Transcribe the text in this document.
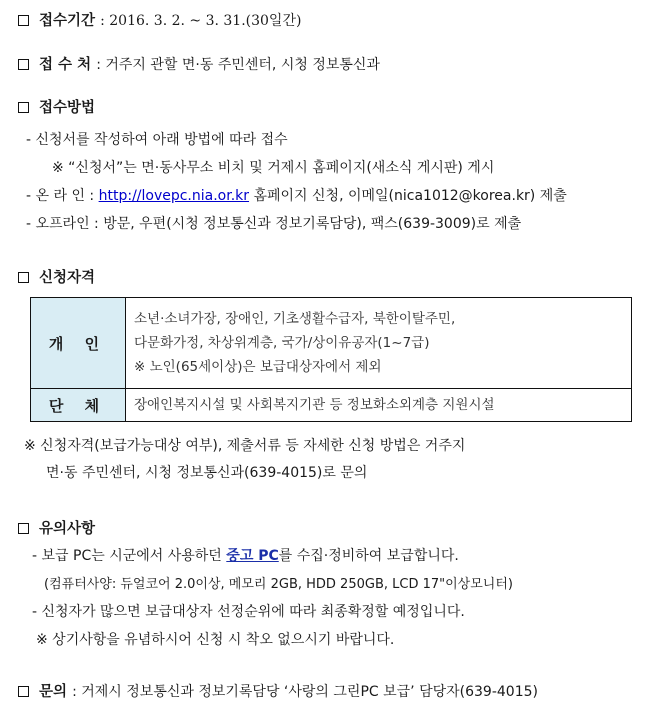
접수기간 : 2016. 3. 2. ~ 3. 31.(30일간)
접 수 처 : 거주지 관할 면·동 주민센터, 시청 정보통신과
접수방법
- 신청서를 작성하여 아래 방법에 따라 접수
※ “신청서”는 면·동사무소 비치 및 거제시 홈페이지(새소식 게시판) 게시
- 온 라 인 : http://lovepc.nia.or.kr 홈페이지 신청, 이메일(nica1012@korea.kr) 제출
- 오프라인 : 방문, 우편(시청 정보통신과 정보기록담당), 팩스(639-3009)로 제출
신청자격
개 인	소년·소녀가장, 장애인, 기초생활수급자, 북한이탈주민,
다문화가정, 차상위계층, 국가/상이유공자(1~7급)
※ 노인(65세이상)은 보급대상자에서 제외

단 체	장애인복지시설 및 사회복지기관 등 정보화소외계층 지원시설
※ 신청자격(보급가능대상 여부), 제출서류 등 자세한 신청 방법은 거주지
면·동 주민센터, 시청 정보통신과(639-4015)로 문의
유의사항
- 보급 PC는 시군에서 사용하던 중고 PC를 수집·정비하여 보급합니다.
(컴퓨터사양: 듀얼코어 2.0이상, 메모리 2GB, HDD 250GB, LCD 17"이상모니터)
- 신청자가 많으면 보급대상자 선정순위에 따라 최종확정할 예정입니다.
※ 상기사항을 유념하시어 신청 시 착오 없으시기 바랍니다.
문의 : 거제시 정보통신과 정보기록담당 ‘사랑의 그린PC 보급’ 담당자(639-4015)
